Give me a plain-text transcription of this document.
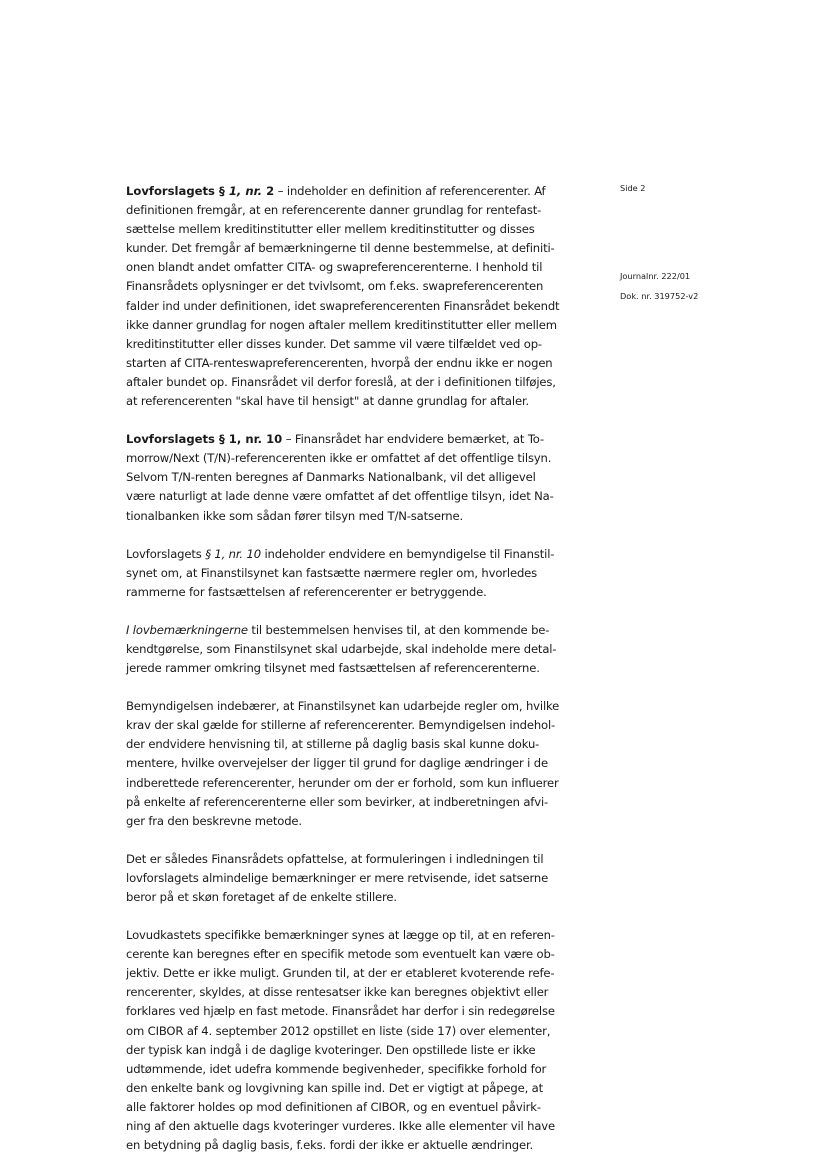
Side 2
Journalnr. 222/01
Dok. nr. 319752-v2

Lovforslagets § 1, nr. 2 – indeholder en definition af referencerenter. Af
definitionen fremgår, at en referencerente danner grundlag for rentefast-
sættelse mellem kreditinstitutter eller mellem kreditinstitutter og disses
kunder. Det fremgår af bemærkningerne til denne bestemmelse, at definiti-
onen blandt andet omfatter CITA- og swapreferencerenterne. I henhold til
Finansrådets oplysninger er det tvivlsomt, om f.eks. swapreferencerenten
falder ind under definitionen, idet swapreferencerenten Finansrådet bekendt
ikke danner grundlag for nogen aftaler mellem kreditinstitutter eller mellem
kreditinstitutter eller disses kunder. Det samme vil være tilfældet ved op-
starten af CITA-renteswapreferencerenten, hvorpå der endnu ikke er nogen
aftaler bundet op. Finansrådet vil derfor foreslå, at der i definitionen tilføjes,
at referencerenten "skal have til hensigt" at danne grundlag for aftaler.

Lovforslagets § 1, nr. 10 – Finansrådet har endvidere bemærket, at To-
morrow/Next (T/N)-referencerenten ikke er omfattet af det offentlige tilsyn.
Selvom T/N-renten beregnes af Danmarks Nationalbank, vil det alligevel
være naturligt at lade denne være omfattet af det offentlige tilsyn, idet Na-
tionalbanken ikke som sådan fører tilsyn med T/N-satserne.

Lovforslagets § 1, nr. 10 indeholder endvidere en bemyndigelse til Finanstil-
synet om, at Finanstilsynet kan fastsætte nærmere regler om, hvorledes
rammerne for fastsættelsen af referencerenter er betryggende.

I lovbemærkningerne til bestemmelsen henvises til, at den kommende be-
kendtgørelse, som Finanstilsynet skal udarbejde, skal indeholde mere detal-
jerede rammer omkring tilsynet med fastsættelsen af referencerenterne.

Bemyndigelsen indebærer, at Finanstilsynet kan udarbejde regler om, hvilke
krav der skal gælde for stillerne af referencerenter. Bemyndigelsen indehol-
der endvidere henvisning til, at stillerne på daglig basis skal kunne doku-
mentere, hvilke overvejelser der ligger til grund for daglige ændringer i de
indberettede referencerenter, herunder om der er forhold, som kun influerer
på enkelte af referencerenterne eller som bevirker, at indberetningen afvi-
ger fra den beskrevne metode.

Det er således Finansrådets opfattelse, at formuleringen i indledningen til
lovforslagets almindelige bemærkninger er mere retvisende, idet satserne
beror på et skøn foretaget af de enkelte stillere.

Lovudkastets specifikke bemærkninger synes at lægge op til, at en referen-
cerente kan beregnes efter en specifik metode som eventuelt kan være ob-
jektiv. Dette er ikke muligt. Grunden til, at der er etableret kvoterende refe-
rencerenter, skyldes, at disse rentesatser ikke kan beregnes objektivt eller
forklares ved hjælp en fast metode. Finansrådet har derfor i sin redegørelse
om CIBOR af 4. september 2012 opstillet en liste (side 17) over elementer,
der typisk kan indgå i de daglige kvoteringer. Den opstillede liste er ikke
udtømmende, idet udefra kommende begivenheder, specifikke forhold for
den enkelte bank og lovgivning kan spille ind. Det er vigtigt at påpege, at
alle faktorer holdes op mod definitionen af CIBOR, og en eventuel påvirk-
ning af den aktuelle dags kvoteringer vurderes. Ikke alle elementer vil have
en betydning på daglig basis, f.eks. fordi der ikke er aktuelle ændringer.
